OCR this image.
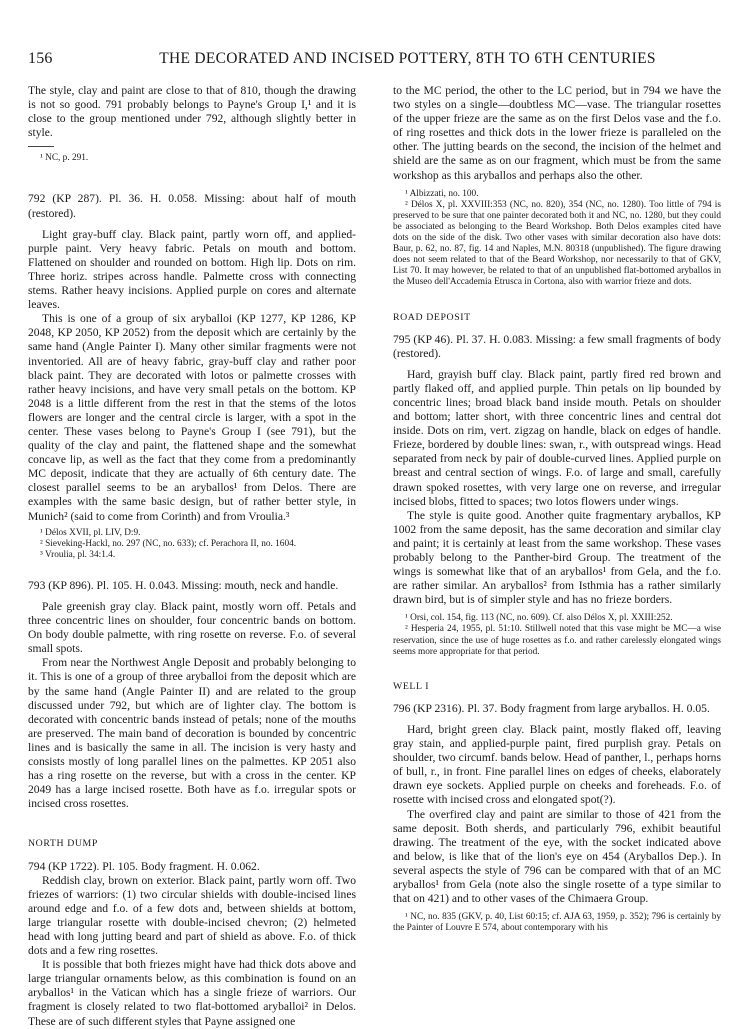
156	THE DECORATED AND INCISED POTTERY, 8TH TO 6TH CENTURIES

The style, clay and paint are close to that of 810, though the drawing is not so good. 791 probably belongs to Payne's Group I,¹ and it is close to the group mentioned under 792, although slightly better in style.

¹ NC, p. 291.

792 (KP 287). Pl. 36. H. 0.058. Missing: about half of mouth (restored).

Light gray-buff clay. Black paint, partly worn off, and applied-purple paint. Very heavy fabric. Petals on mouth and bottom. Flattened on shoulder and rounded on bottom. High lip. Dots on rim. Three horiz. stripes across handle. Palmette cross with connecting stems. Rather heavy incisions. Applied purple on cores and alternate leaves.

This is one of a group of six aryballoi (KP 1277, KP 1286, KP 2048, KP 2050, KP 2052) from the deposit which are certainly by the same hand (Angle Painter I). Many other similar fragments were not inventoried. All are of heavy fabric, gray-buff clay and rather poor black paint. They are decorated with lotos or palmette crosses with rather heavy incisions, and have very small petals on the bottom. KP 2048 is a little different from the rest in that the stems of the lotos flowers are longer and the central circle is larger, with a spot in the center. These vases belong to Payne's Group I (see 791), but the quality of the clay and paint, the flattened shape and the somewhat concave lip, as well as the fact that they come from a predominantly MC deposit, indicate that they are actually of 6th century date. The closest parallel seems to be an aryballos¹ from Delos. There are examples with the same basic design, but of rather better style, in Munich² (said to come from Corinth) and from Vroulia.³

¹ Délos XVII, pl. LIV, D:9.

² Sieveking-Hackl, no. 297 (NC, no. 633); cf. Perachora II, no. 1604.

³ Vroulia, pl. 34:1.4.

793 (KP 896). Pl. 105. H. 0.043. Missing: mouth, neck and handle.

Pale greenish gray clay. Black paint, mostly worn off. Petals and three concentric lines on shoulder, four concentric bands on bottom. On body double palmette, with ring rosette on reverse. F.o. of several small spots.

From near the Northwest Angle Deposit and probably belonging to it. This is one of a group of three aryballoi from the deposit which are by the same hand (Angle Painter II) and are related to the group discussed under 792, but which are of lighter clay. The bottom is decorated with concentric bands instead of petals; none of the mouths are preserved. The main band of decoration is bounded by concentric lines and is basically the same in all. The incision is very hasty and consists mostly of long parallel lines on the palmettes. KP 2051 also has a ring rosette on the reverse, but with a cross in the center. KP 2049 has a large incised rosette. Both have as f.o. irregular spots or incised cross rosettes.

NORTH DUMP

794 (KP 1722). Pl. 105. Body fragment. H. 0.062.

Reddish clay, brown on exterior. Black paint, partly worn off. Two friezes of warriors: (1) two circular shields with double-incised lines around edge and f.o. of a few dots and, between shields at bottom, large triangular rosette with double-incised chevron; (2) helmeted head with long jutting beard and part of shield as above. F.o. of thick dots and a few ring rosettes.

It is possible that both friezes might have had thick dots above and large triangular ornaments below, as this combination is found on an aryballos¹ in the Vatican which has a single frieze of warriors. Our fragment is closely related to two flat-bottomed aryballoi² in Delos. These are of such different styles that Payne assigned one

to the MC period, the other to the LC period, but in 794 we have the two styles on a single—doubtless MC—vase. The triangular rosettes of the upper frieze are the same as on the first Delos vase and the f.o. of ring rosettes and thick dots in the lower frieze is paralleled on the other. The jutting beards on the second, the incision of the helmet and shield are the same as on our fragment, which must be from the same workshop as this aryballos and perhaps also the other.

¹ Albizzati, no. 100.

² Délos X, pl. XXVIII:353 (NC, no. 820), 354 (NC, no. 1280). Too little of 794 is preserved to be sure that one painter decorated both it and NC, no. 1280, but they could be associated as belonging to the Beard Workshop. Both Delos examples cited have dots on the side of the disk. Two other vases with similar decoration also have dots: Baur, p. 62, no. 87, fig. 14 and Naples, M.N. 80318 (unpublished). The figure drawing does not seem related to that of the Beard Workshop, nor necessarily to that of GKV, List 70. It may however, be related to that of an unpublished flat-bottomed aryballos in the Museo dell'Accademia Etrusca in Cortona, also with warrior frieze and dots.

ROAD DEPOSIT

795 (KP 46). Pl. 37. H. 0.083. Missing: a few small fragments of body (restored).

Hard, grayish buff clay. Black paint, partly fired red brown and partly flaked off, and applied purple. Thin petals on lip bounded by concentric lines; broad black band inside mouth. Petals on shoulder and bottom; latter short, with three concentric lines and central dot inside. Dots on rim, vert. zigzag on handle, black on edges of handle. Frieze, bordered by double lines: swan, r., with outspread wings. Head separated from neck by pair of double-curved lines. Applied purple on breast and central section of wings. F.o. of large and small, carefully drawn spoked rosettes, with very large one on reverse, and irregular incised blobs, fitted to spaces; two lotos flowers under wings.

The style is quite good. Another quite fragmentary aryballos, KP 1002 from the same deposit, has the same decoration and similar clay and paint; it is certainly at least from the same workshop. These vases probably belong to the Panther-bird Group. The treatment of the wings is somewhat like that of an aryballos¹ from Gela, and the f.o. are rather similar. An aryballos² from Isthmia has a rather similarly drawn bird, but is of simpler style and has no frieze borders.

¹ Orsi, col. 154, fig. 113 (NC, no. 609). Cf. also Délos X, pl. XXIII:252.

² Hesperia 24, 1955, pl. 51:10. Stillwell noted that this vase might be MC—a wise reservation, since the use of huge rosettes as f.o. and rather carelessly elongated wings seems more appropriate for that period.

WELL I

796 (KP 2316). Pl. 37. Body fragment from large aryballos. H. 0.05.

Hard, bright green clay. Black paint, mostly flaked off, leaving gray stain, and applied-purple paint, fired purplish gray. Petals on shoulder, two circumf. bands below. Head of panther, l., perhaps horns of bull, r., in front. Fine parallel lines on edges of cheeks, elaborately drawn eye sockets. Applied purple on cheeks and foreheads. F.o. of rosette with incised cross and elongated spot(?).

The overfired clay and paint are similar to those of 421 from the same deposit. Both sherds, and particularly 796, exhibit beautiful drawing. The treatment of the eye, with the socket indicated above and below, is like that of the lion's eye on 454 (Aryballos Dep.). In several aspects the style of 796 can be compared with that of an MC aryballos¹ from Gela (note also the single rosette of a type similar to that on 421) and to other vases of the Chimaera Group.

¹ NC, no. 835 (GKV, p. 40, List 60:15; cf. AJA 63, 1959, p. 352); 796 is certainly by the Painter of Louvre E 574, about contemporary with his
